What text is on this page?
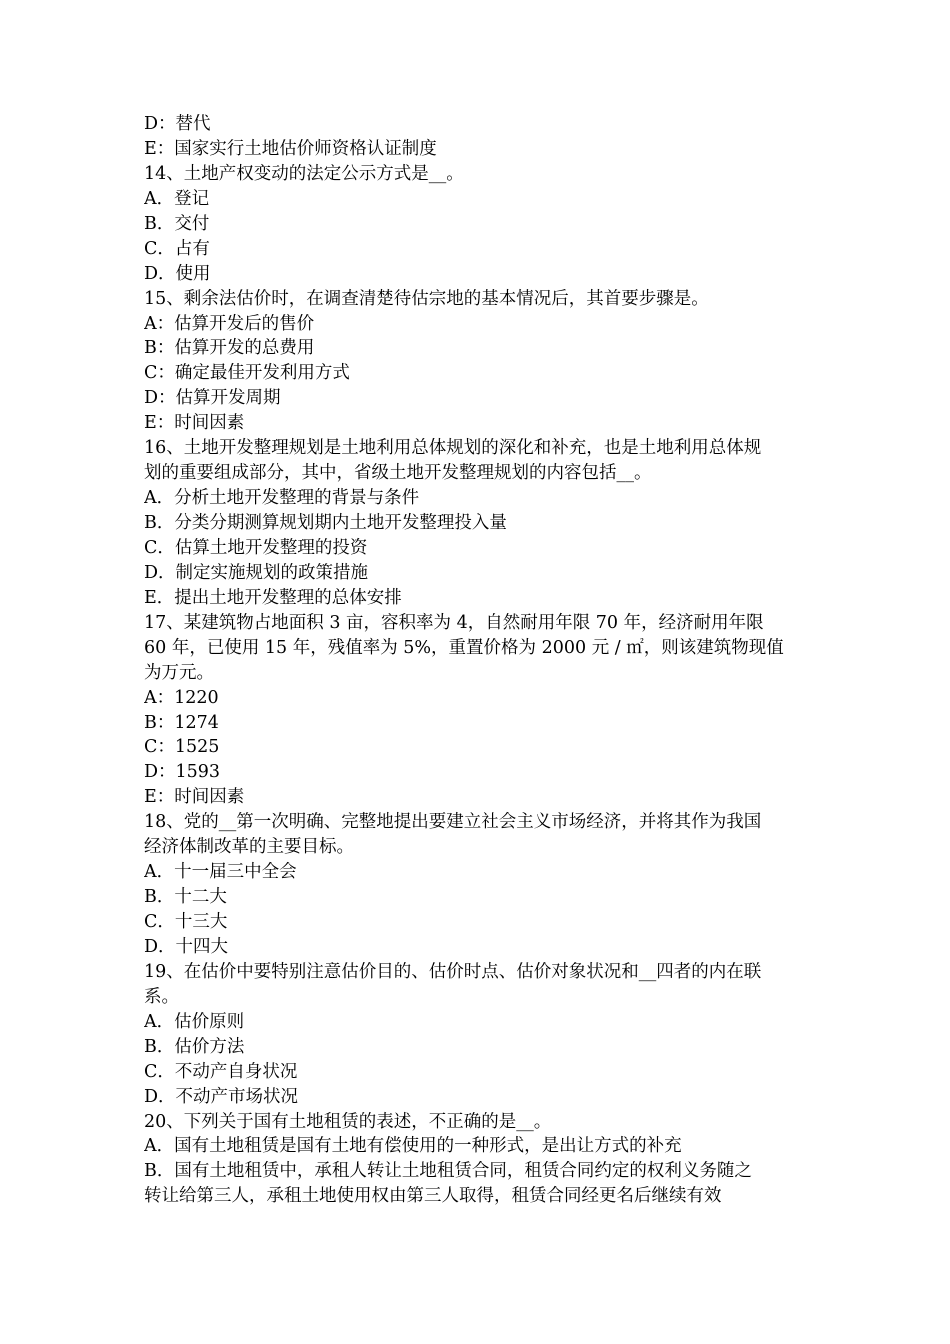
D：替代
E：国家实行土地估价师资格认证制度
14、土地产权变动的法定公示方式是__。
A．登记
B．交付
C．占有
D．使用
15、剩余法估价时，在调查清楚待估宗地的基本情况后，其首要步骤是。
A：估算开发后的售价
B：估算开发的总费用
C：确定最佳开发利用方式
D：估算开发周期
E：时间因素
16、土地开发整理规划是土地利用总体规划的深化和补充，也是土地利用总体规
划的重要组成部分，其中，省级土地开发整理规划的内容包括__。
A．分析土地开发整理的背景与条件
B．分类分期测算规划期内土地开发整理投入量
C．估算土地开发整理的投资
D．制定实施规划的政策措施
E．提出土地开发整理的总体安排
17、某建筑物占地面积 3 亩，容积率为 4，自然耐用年限 70 年，经济耐用年限
60 年，已使用 15 年，残值率为 5%，重置价格为 2000 元 / ㎡，则该建筑物现值
为万元。
A：1220
B：1274
C：1525
D：1593
E：时间因素
18、党的__第一次明确、完整地提出要建立社会主义市场经济，并将其作为我国
经济体制改革的主要目标。
A．十一届三中全会
B．十二大
C．十三大
D．十四大
19、在估价中要特别注意估价目的、估价时点、估价对象状况和__四者的内在联
系。
A．估价原则
B．估价方法
C．不动产自身状况
D．不动产市场状况
20、下列关于国有土地租赁的表述，不正确的是__。
A．国有土地租赁是国有土地有偿使用的一种形式，是出让方式的补充
B．国有土地租赁中，承租人转让土地租赁合同，租赁合同约定的权利义务随之
转让给第三人，承租土地使用权由第三人取得，租赁合同经更名后继续有效
